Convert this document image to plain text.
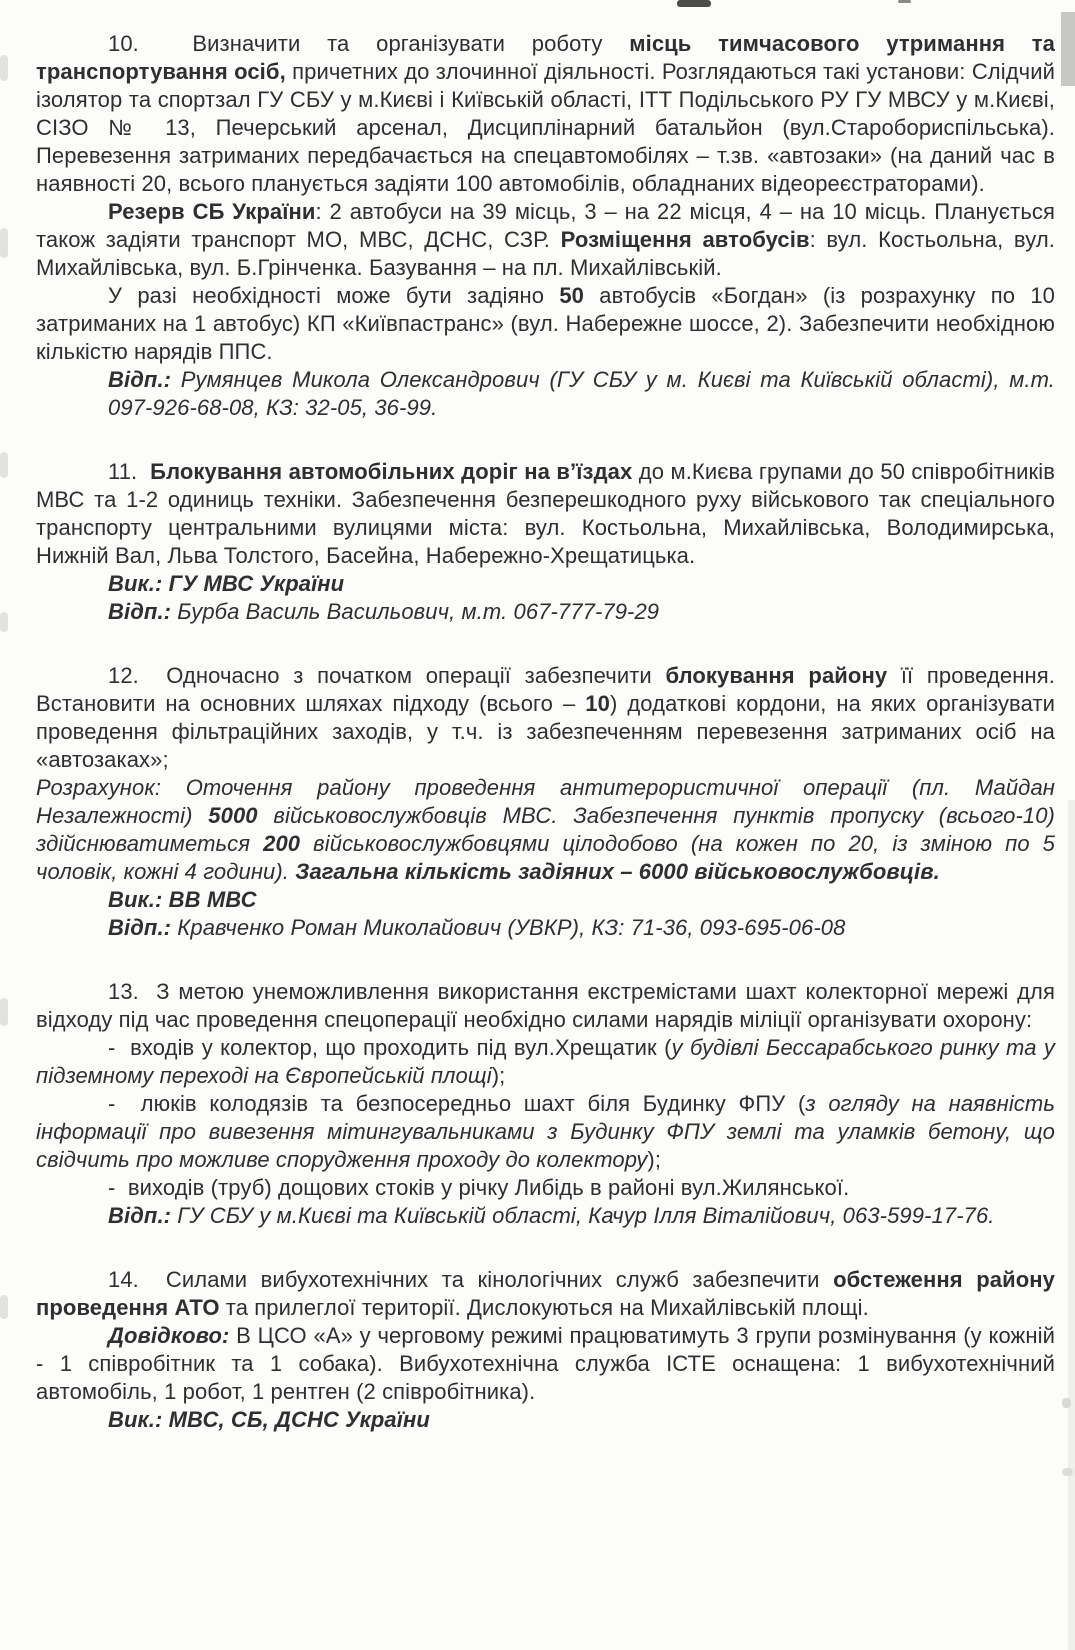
10.  Визначити та організувати роботу місць тимчасового утримання та транспортування осіб, причетних до злочинної діяльності. Розглядаються такі установи: Слідчий ізолятор та спортзал ГУ СБУ у м.Києві і Київській області, ІТТ Подільського РУ ГУ МВСУ у м.Києві, СІЗО № 13, Печерський арсенал, Дисциплінарний батальйон (вул.Старобориспільська). Перевезення затриманих передбачається на спецавтомобілях – т.зв. «автозаки» (на даний час в наявності 20, всього планується задіяти 100 автомобілів, обладнаних відеореєстраторами).

Резерв СБ України: 2 автобуси на 39 місць, 3 – на 22 місця, 4 – на 10 місць. Планується також задіяти транспорт МО, МВС, ДСНС, СЗР. Розміщення автобусів: вул. Костьольна, вул. Михайлівська, вул. Б.Грінченка. Базування – на пл. Михайлівській.

У разі необхідності може бути задіяно 50 автобусів «Богдан» (із розрахунку по 10 затриманих на 1 автобус) КП «Київпастранс» (вул. Набережне шоссе, 2). Забезпечити необхідною кількістю нарядів ППС.

Відп.: Румянцев Микола Олександрович (ГУ СБУ у м. Києві та Київській області), м.т. 097-926-68-08, КЗ: 32-05, 36-99.

11.  Блокування автомобільних доріг на в’їздах до м.Києва групами до 50 співробітників МВС та 1-2 одиниць техніки. Забезпечення безперешкодного руху військового так спеціального транспорту центральними вулицями міста: вул. Костьольна, Михайлівська, Володимирська, Нижній Вал, Льва Толстого, Басейна, Набережно-Хрещатицька.

Вик.: ГУ МВС України

Відп.: Бурба Василь Васильович, м.т. 067-777-79-29

12.  Одночасно з початком операції забезпечити блокування району її проведення. Встановити на основних шляхах підходу (всього – 10) додаткові кордони, на яких організувати проведення фільтраційних заходів, у т.ч. із забезпеченням перевезення затриманих осіб на «автозаках»;

Розрахунок: Оточення району проведення антитерористичної операції (пл. Майдан Незалежності) 5000 військовослужбовців МВС. Забезпечення пунктів пропуску (всього-10) здійснюватиметься 200 військовослужбовцями цілодобово (на кожен по 20, із зміною по 5 чоловік, кожні 4 години). Загальна кількість задіяних – 6000 військовослужбовців.

Вик.: ВВ МВС

Відп.: Кравченко Роман Миколайович (УВКР), КЗ: 71-36, 093-695-06-08

13.  З метою унеможливлення використання екстремістами шахт колекторної мережі для відходу під час проведення спецоперації необхідно силами нарядів міліції організувати охорону:

-  входів у колектор, що проходить під вул.Хрещатик (у будівлі Бессарабського ринку та у підземному переході на Європейській площі);

-  люків колодязів та безпосередньо шахт біля Будинку ФПУ (з огляду на наявність інформації про вивезення мітингувальниками з Будинку ФПУ землі та уламків бетону, що свідчить про можливе спорудження проходу до колектору);

-  виходів (труб) дощових стоків у річку Либідь в районі вул.Жилянської.

Відп.: ГУ СБУ у м.Києві та Київській області, Качур Ілля Віталійович, 063-599-17-76.

14.  Силами вибухотехнічних та кінологічних служб забезпечити обстеження району проведення АТО та прилеглої території. Дислокуються на Михайлівській площі.

Довідково: В ЦСО «А» у черговому режимі працюватимуть 3 групи розмінування (у кожній - 1 співробітник та 1 собака). Вибухотехнічна служба ІСТЕ оснащена: 1 вибухотехнічний автомобіль, 1 робот, 1 рентген (2 співробітника).

Вик.: МВС, СБ, ДСНС України
